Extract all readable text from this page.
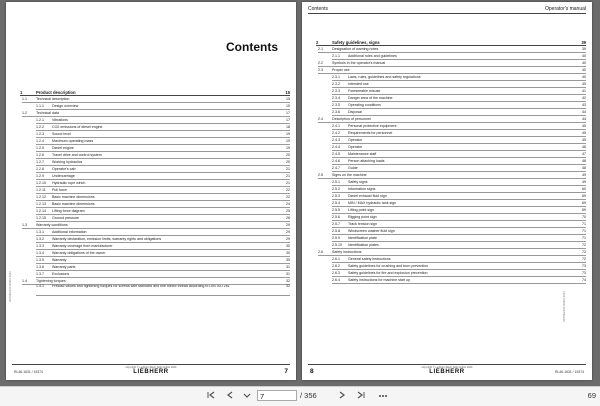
Contents
1	Product description	15
1.1	Technical description	15
1.1.1 Design overview	15
1.2	Technical data	17
1.2.1 Vibrations	17
1.2.2 CO2 emissions of diesel engine	18
1.2.3 Sound level	19
1.2.4 Maximum operating mass	19
1.2.5 Diesel engine	19
1.2.6 Travel drive and control system	20
1.2.7 Working hydraulics	20
1.2.8 Operator's cab	21
1.2.9 Undercarriage	21
1.2.10 Hydraulic rope winch	21
1.2.11 Pull force	22
1.2.12 Basic machine dimensions	22
1.2.13 Basic machine dimensions	24
1.2.14 Lifting force diagram	25
1.2.15 Ground pressure	26
1.3	Warranty conditions	29
1.3.1 Additional information	29
1.3.2 Warranty declaration, emission limits, warranty rights and obligations	29
1.3.3 Warranty coverage from manufacturer	30
1.3.4 Warranty obligations of the owner	30
1.3.5 Warranty	30
1.3.6 Warranty parts	31
1.3.7 Exclusions	31
1.4	Tightening torques	32
1.4.1 Preload values and tightening torques for screws with standard and fine metric thread according to DIN ISO 261	32
LWT/MG/100-000/10.2024
copyright © Liebherr-Werk Telfs GmbH 2024
RL46-1631 / 15374	LIEBHERR	7
Contents	Operator's manual
2	Safety guidelines, signs	39
2.1	Designation of warning notes	39
2.1.1 Additional rules and guidelines	40
2.2	Symbols in the operator's manual	40
2.3	Proper use	40
2.3.1 Laws, rules, guidelines and safety regulations	40
2.3.2 Intended use	40
2.3.3 Foreseeable misuse	41
2.3.4 Danger area of the machine	42
2.3.5 Operating conditions	43
2.3.6 Disposal	44
2.4	Description of personnel	44
2.4.1 Personal protective equipment	45
2.4.2 Requirements for personnel	45
2.4.3 Operator	45
2.4.4 Operator	46
2.4.5 Maintenance staff	47
2.4.6 Person attaching loads	48
2.4.7 Guide	48
2.5	Signs on the machine	49
2.5.1 Safety signs	49
2.5.2 Information signs	60
2.5.3 Diesel exhaust fluid sign	69
2.5.4 MIN / MAX hydraulic tank sign	69
2.5.5 Lifting point sign	69
2.5.6 Rigging point sign	70
2.5.7 Track tension sign	71
2.5.8 Windscreen washer fluid sign	71
2.5.9 Identification plate	71
2.5.10 Identification plates	72
2.6	Safety instructions	72
2.6.1 General safety instructions	72
2.6.2 Safety guidelines for crushing and burn prevention	73
2.6.3 Safety guidelines for fire and explosion prevention	73
2.6.4 Safety instructions for machine start up	74
LWT/MG/100-000/10.2024
copyright © Liebherr-Werk Telfs GmbH 2024
8	LIEBHERR	RL46-1631 / 15374
7	/ 356	69
